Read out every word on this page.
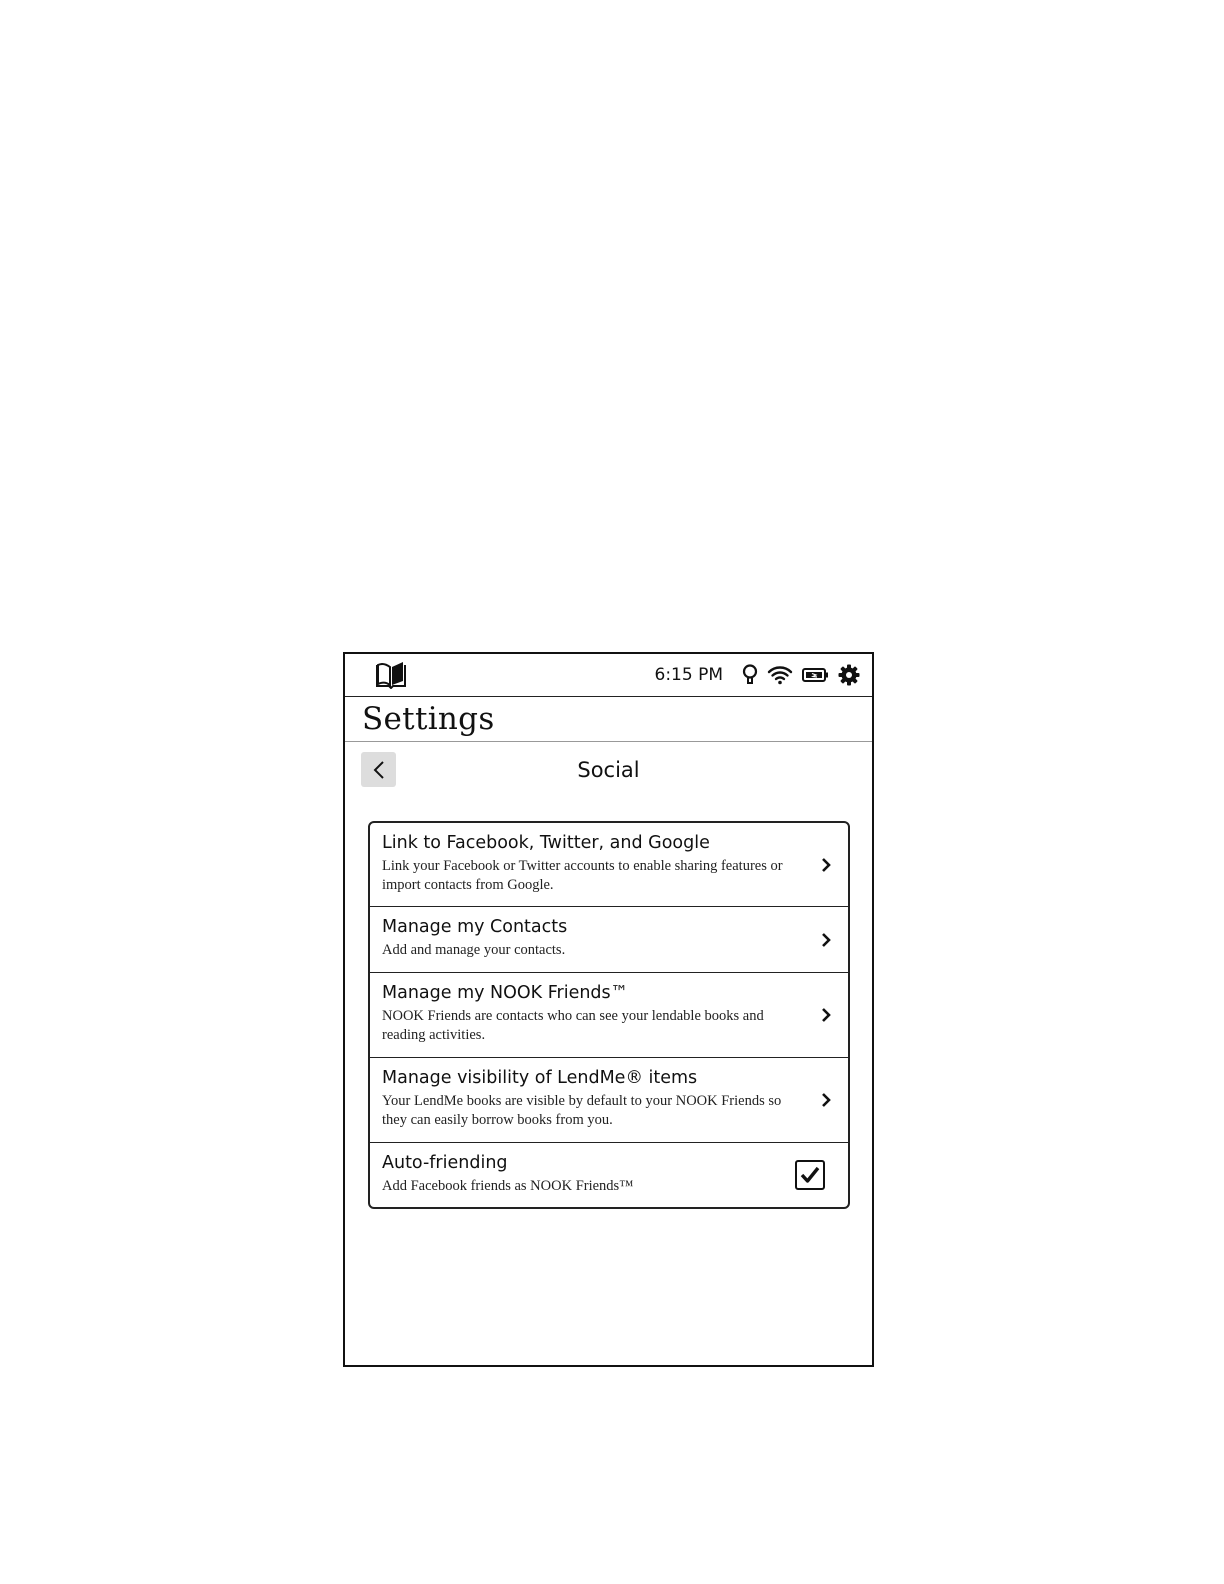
6:15 PM
Settings
Social
Link to Facebook, Twitter, and Google
Link your Facebook or Twitter accounts to enable sharing features or import contacts from Google.
Manage my Contacts
Add and manage your contacts.
Manage my NOOK Friends™
NOOK Friends are contacts who can see your lendable books and reading activities.
Manage visibility of LendMe® items
Your LendMe books are visible by default to your NOOK Friends so they can easily borrow books from you.
Auto-friending
Add Facebook friends as NOOK Friends™
